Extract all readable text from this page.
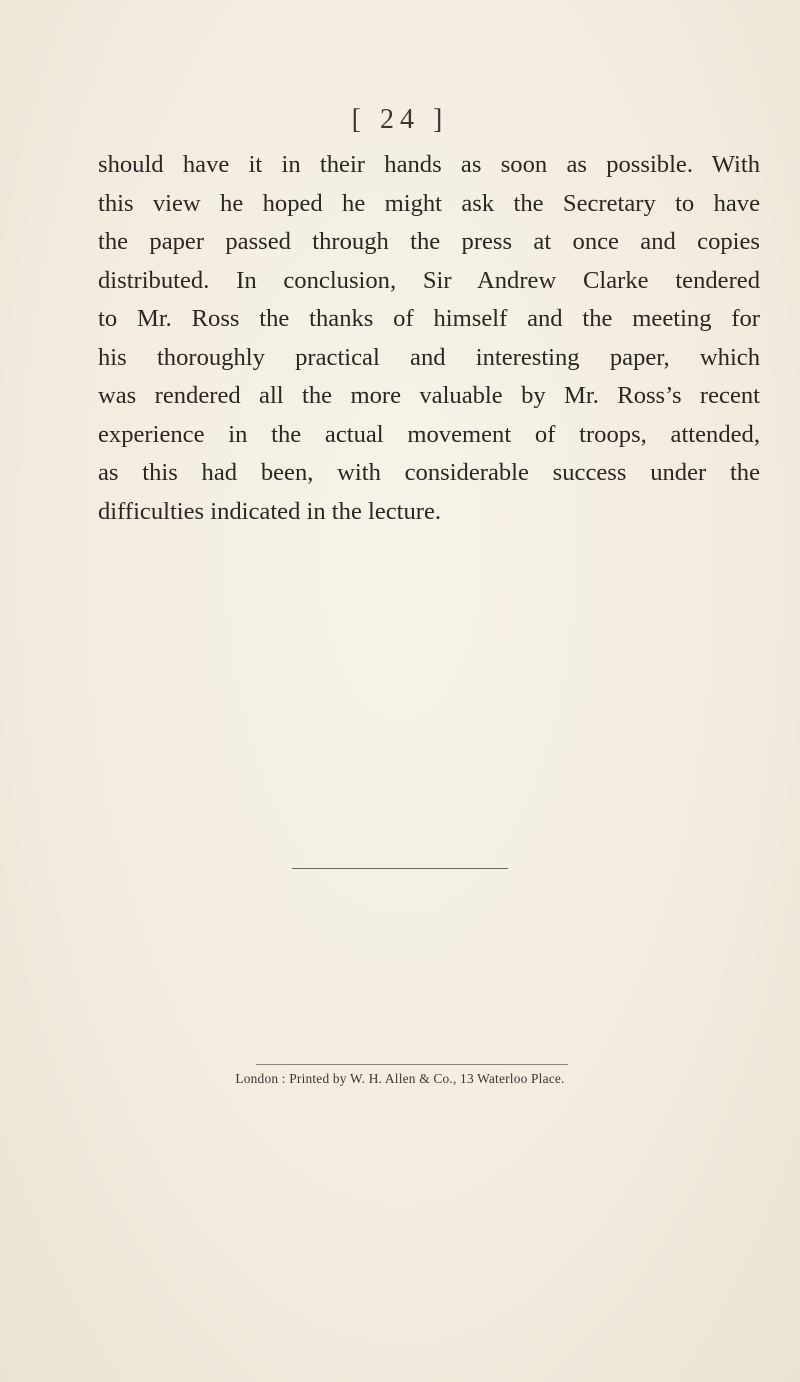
[ 24 ]
should have it in their hands as soon as possible. With
this view he hoped he might ask the Secretary to have
the paper passed through the press at once and copies
distributed. In conclusion, Sir Andrew Clarke tendered
to Mr. Ross the thanks of himself and the meeting for
his thoroughly practical and interesting paper, which
was rendered all the more valuable by Mr. Ross’s recent
experience in the actual movement of troops, attended,
as this had been, with considerable success under the
difficulties indicated in the lecture.
London : Printed by W. H. Allen & Co., 13 Waterloo Place.
